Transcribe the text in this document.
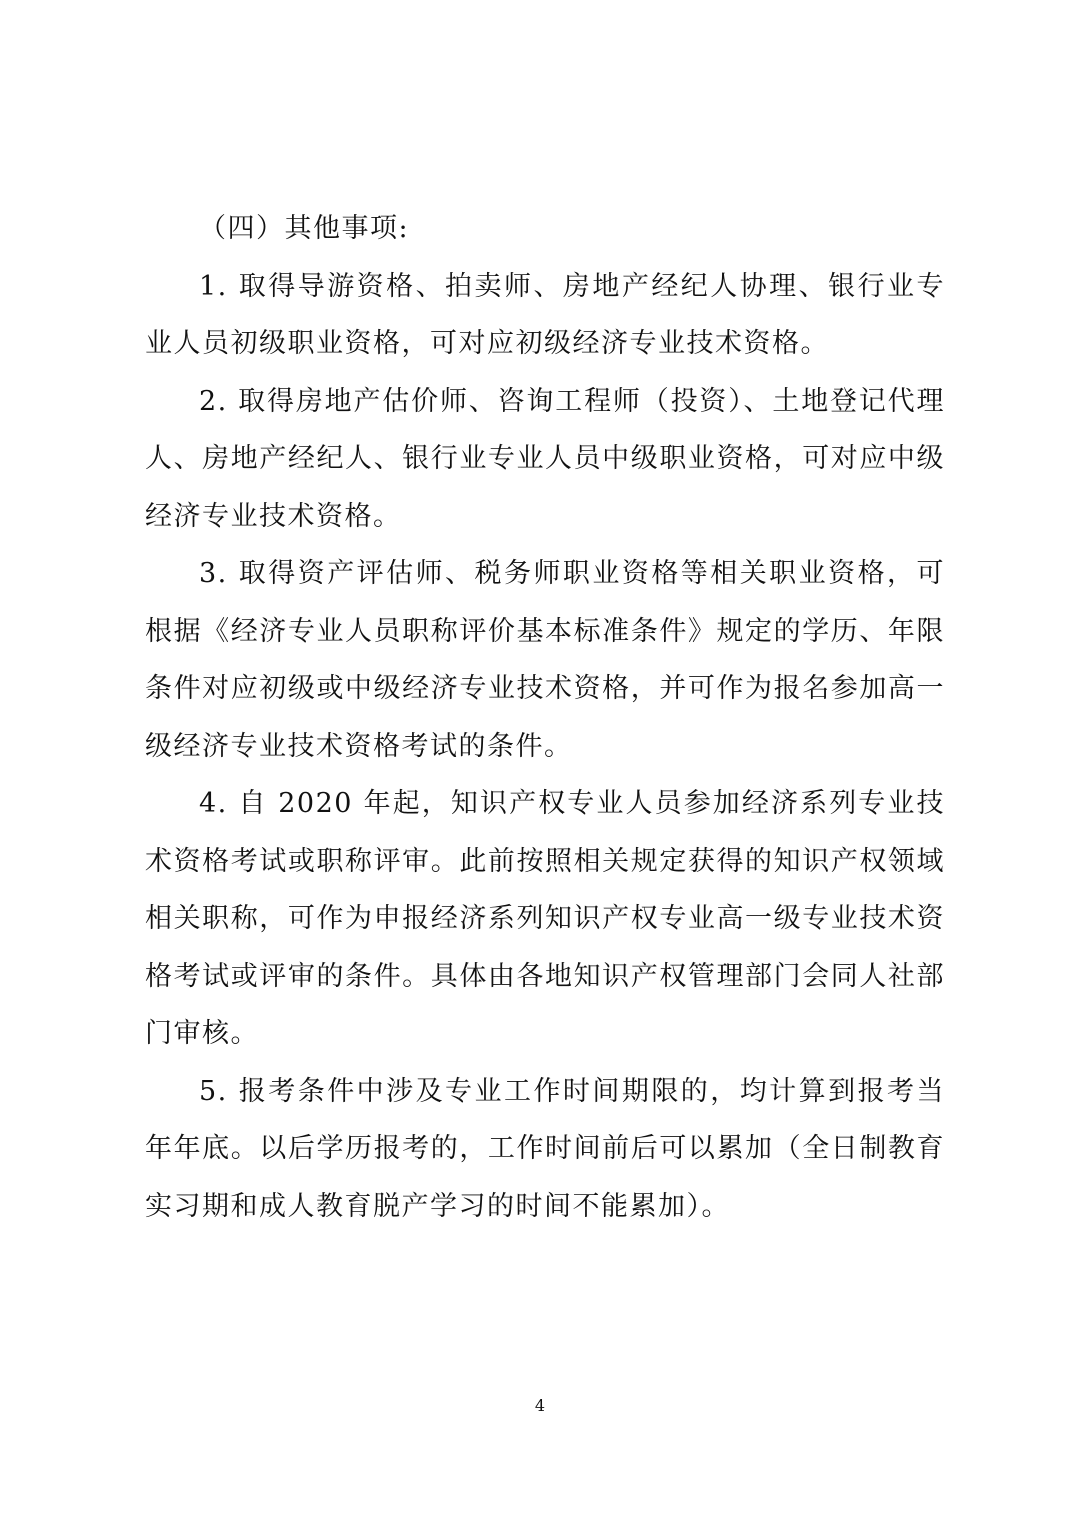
（四）其他事项:

1. 取得导游资格、拍卖师、房地产经纪人协理、银行业专业人员初级职业资格，可对应初级经济专业技术资格。

2. 取得房地产估价师、咨询工程师（投资）、土地登记代理人、房地产经纪人、银行业专业人员中级职业资格，可对应中级经济专业技术资格。

3. 取得资产评估师、税务师职业资格等相关职业资格，可根据《经济专业人员职称评价基本标准条件》规定的学历、年限条件对应初级或中级经济专业技术资格，并可作为报名参加高一级经济专业技术资格考试的条件。

4. 自 2020 年起，知识产权专业人员参加经济系列专业技术资格考试或职称评审。此前按照相关规定获得的知识产权领域相关职称，可作为申报经济系列知识产权专业高一级专业技术资格考试或评审的条件。具体由各地知识产权管理部门会同人社部门审核。

5. 报考条件中涉及专业工作时间期限的，均计算到报考当年年底。以后学历报考的，工作时间前后可以累加（全日制教育实习期和成人教育脱产学习的时间不能累加）。

4
